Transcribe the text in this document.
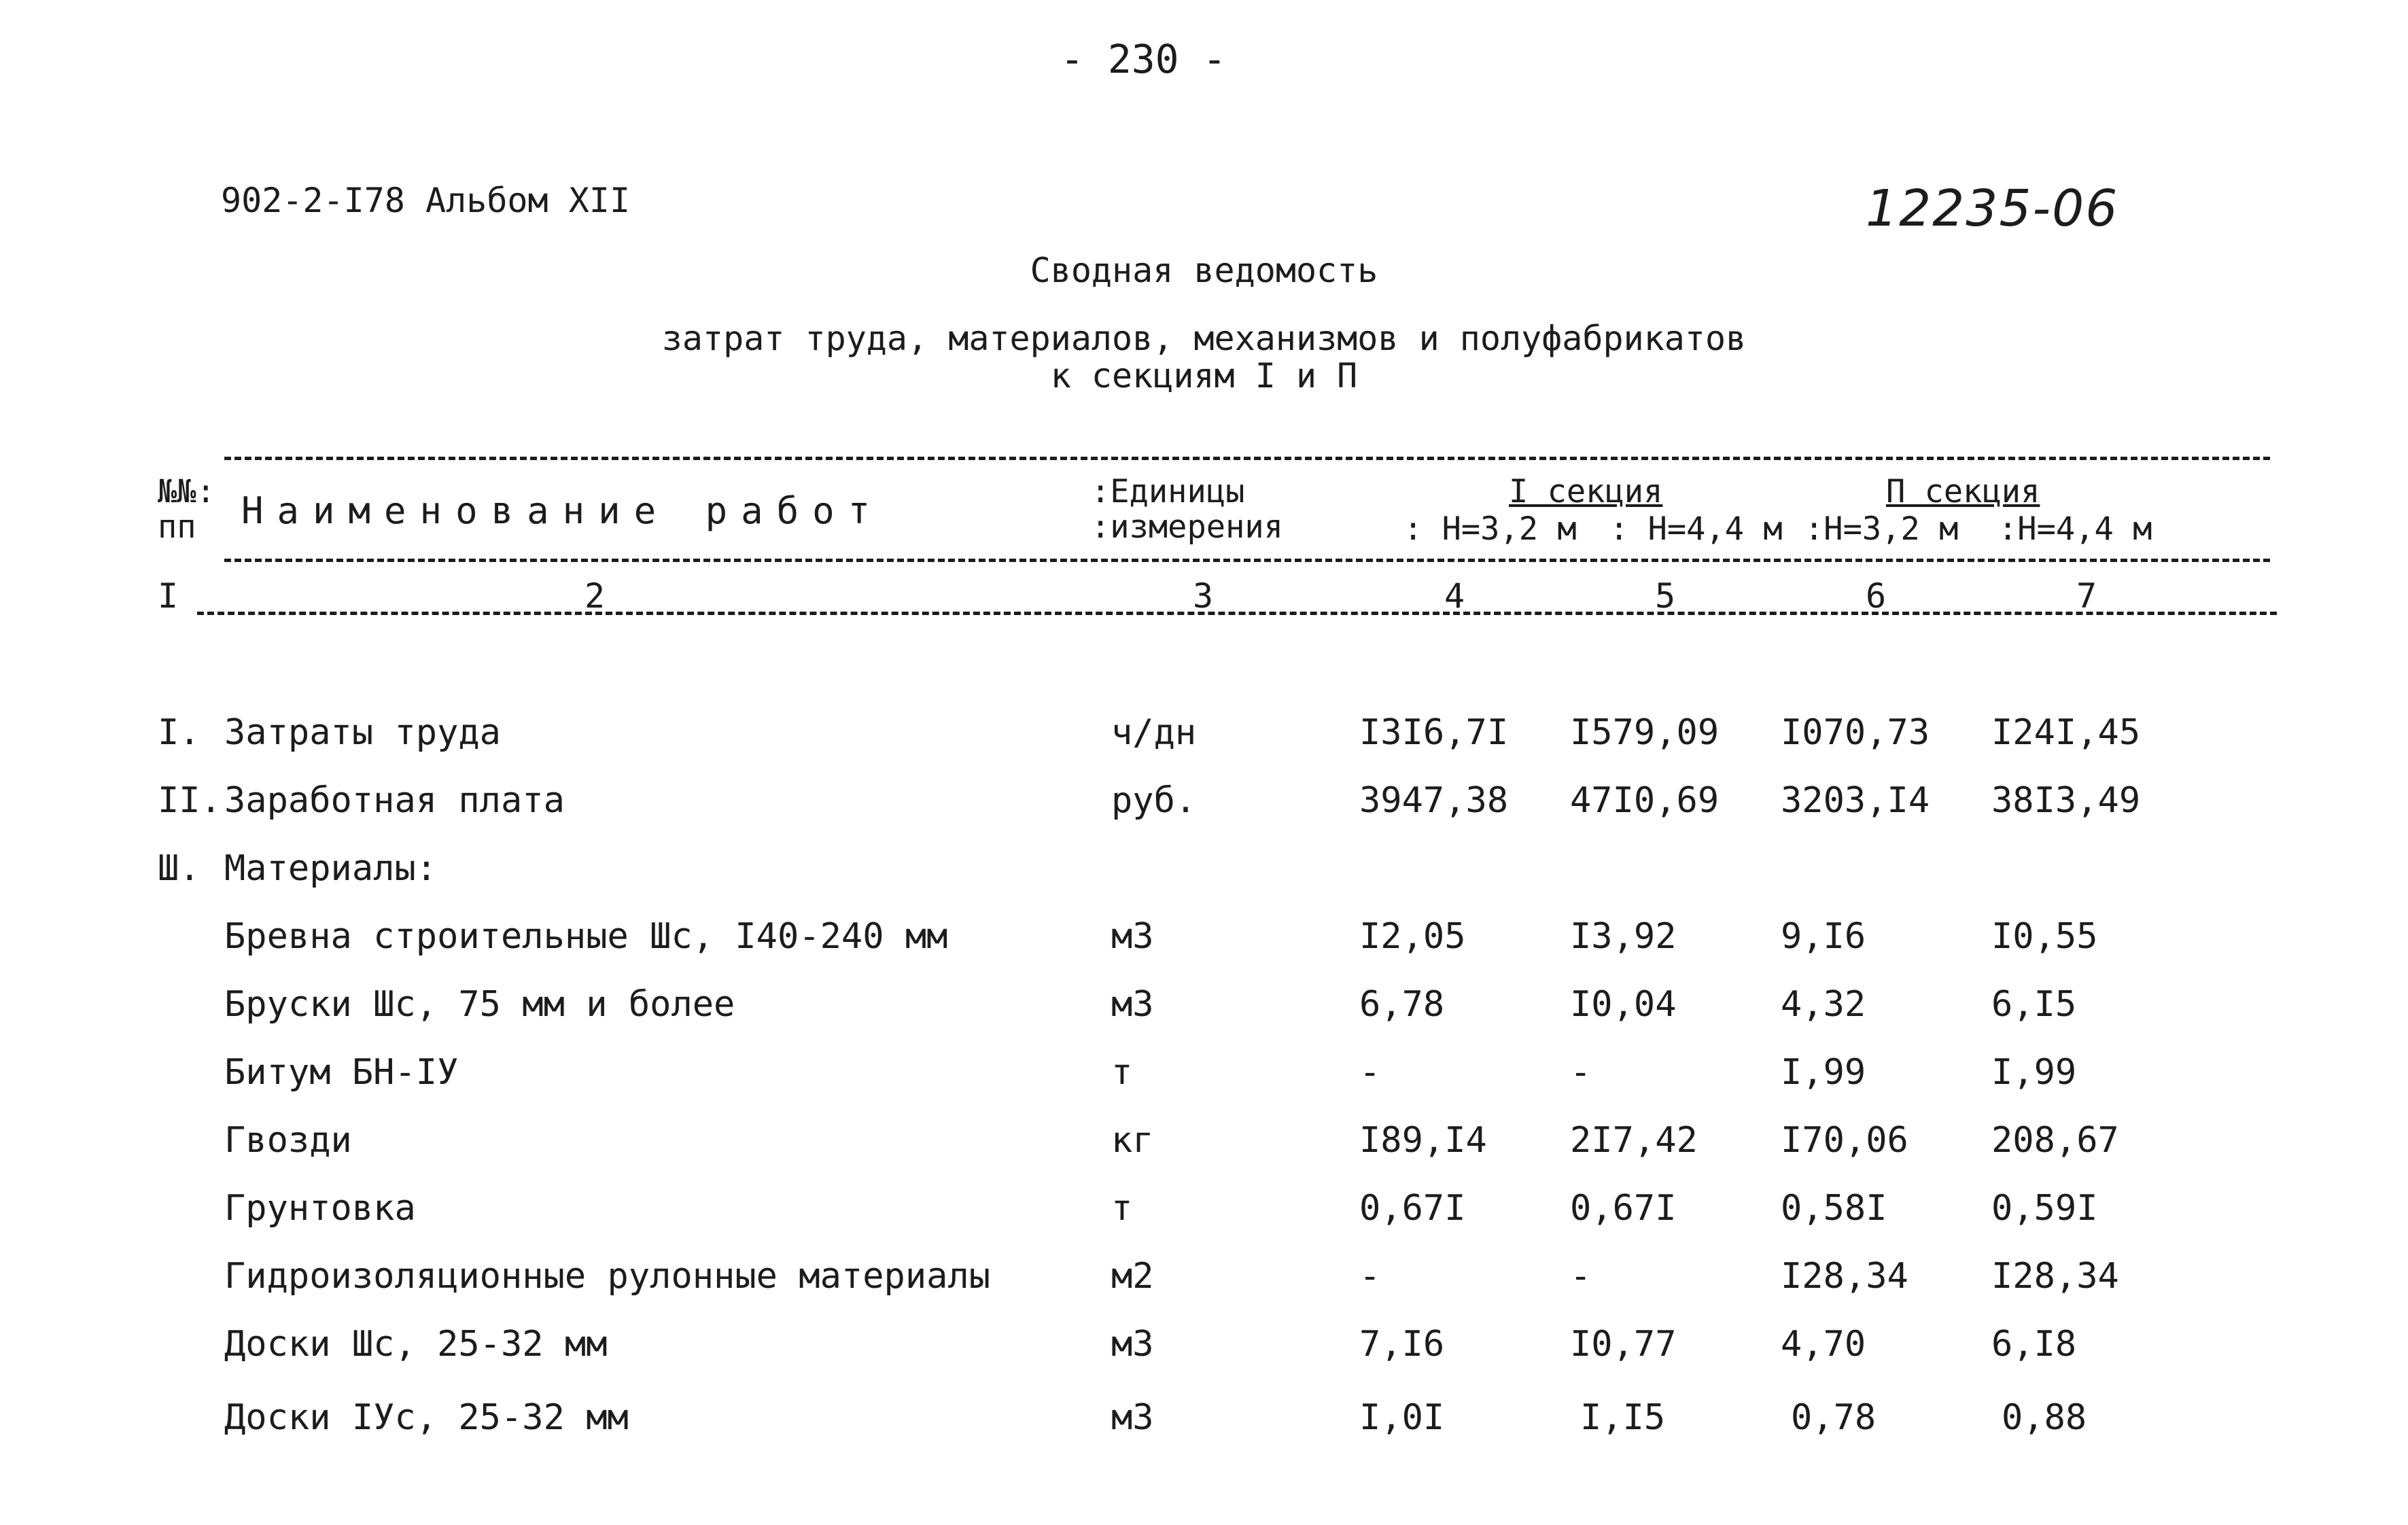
- 230 -
902-2-I78 Альбом XII	12235-06
Сводная ведомость
затрат труда, материалов, механизмов и полуфабрикатов
к секциям I и П
№№:
пп Наименование работ	:Единицы
:измерения
I секция	П секция
: Н=3,2 м : Н=4,4 м :Н=3,2 м :Н=4,4 м
I	2	3	4	5	6	7
I. Затраты труда	ч/дн	I3I6,7I I579,09 I070,73 I24I,45
II. Заработная плата	руб.	3947,38 47I0,69 3203,I4 38I3,49
Ш. Материалы:
Бревна строительные Шс, I40-240 мм	м3	I2,05	I3,92	9,I6	I0,55
Бруски Шс, 75 мм и более	м3	6,78	I0,04	4,32	6,I5
Битум БН-IУ	т	-	-	I,99	I,99
Гвозди	кг	I89,I4 2I7,42 I70,06 208,67
Грунтовка	т	0,67I	0,67I	0,58I	0,59I
Гидроизоляционные рулонные материалы	м2	-	-	I28,34 I28,34
Доски Шс, 25-32 мм	м3	7,I6	I0,77	4,70	6,I8
Доски IУс, 25-32 мм	м3	I,0I	I,I5	0,78	0,88
